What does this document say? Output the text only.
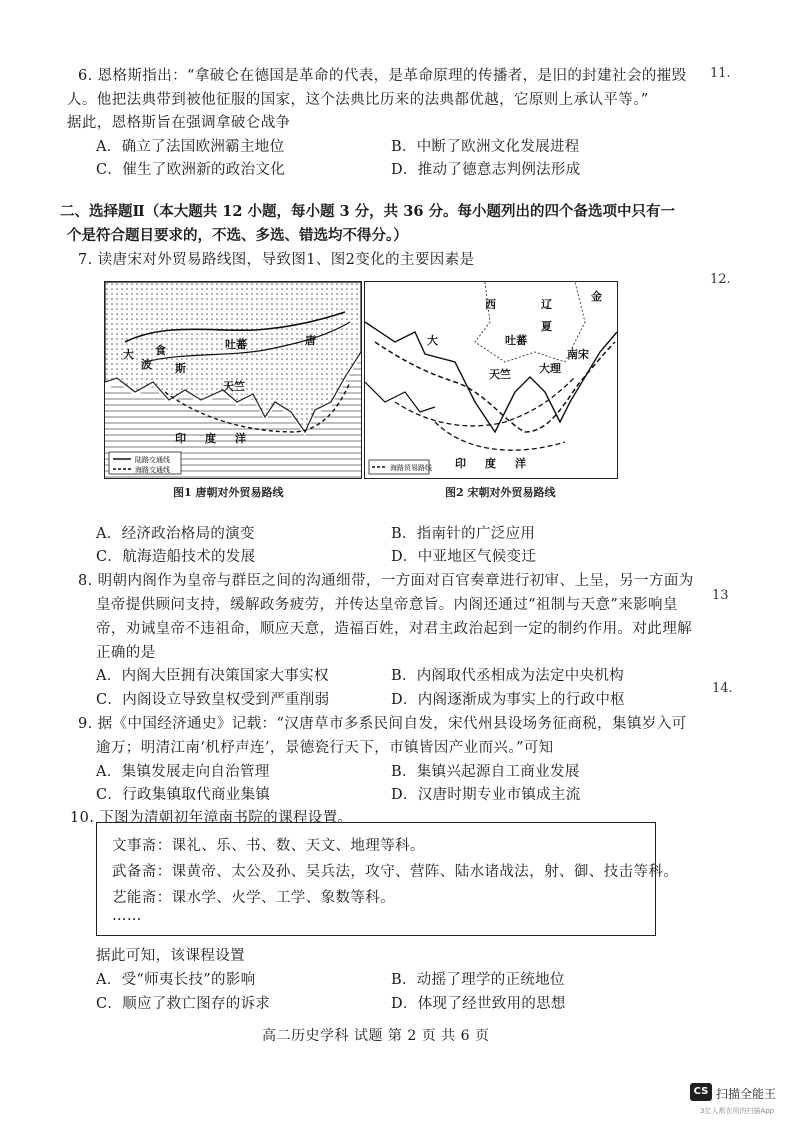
11.
12.
13
14.
6. 恩格斯指出：“拿破仑在德国是革命的代表，是革命原理的传播者，是旧的封建社会的摧毁
人。他把法典带到被他征服的国家，这个法典比历来的法典都优越，它原则上承认平等。”
据此，恩格斯旨在强调拿破仑战争
A．确立了法国欧洲霸主地位	B．中断了欧洲文化发展进程
C．催生了欧洲新的政治文化	D．推动了德意志判例法形成
二、选择题Ⅱ（本大题共 12 小题，每小题 3 分，共 36 分。每小题列出的四个备选项中只有一
个是符合题目要求的，不选、多选、错选均不得分。）
7. 读唐宋对外贸易路线图，导致图1、图2变化的主要因素是
波 斯
大 食	吐蕃
天竺
印 度 洋
唐
陆路交通线
海路交通线
图1 唐朝对外贸易路线
金
西	辽
夏
大	吐蕃
南宋
天竺	大理
印 度 洋
海路贸易路线
图2 宋朝对外贸易路线
A．经济政治格局的演变	B．指南针的广泛应用
C．航海造船技术的发展	D．中亚地区气候变迁
8. 明朝内阁作为皇帝与群臣之间的沟通细带，一方面对百官奏章进行初审、上呈，另一方面为
皇帝提供顾问支持，缓解政务疲劳，并传达皇帝意旨。内阁还通过“祖制与天意”来影响皇
帝，劝诫皇帝不违祖命，顺应天意，造福百姓，对君主政治起到一定的制约作用。对此理解
正确的是
A．内阁大臣拥有决策国家大事实权	B．内阁取代丞相成为法定中央机构
C．内阁设立导致皇权受到严重削弱	D．内阁逐渐成为事实上的行政中枢
9. 据《中国经济通史》记载：“汉唐草市多系民间自发，宋代州县设场务征商税，集镇岁入可
逾万；明清江南‘机杼声连’，景德瓷行天下，市镇皆因产业而兴。”可知
A．集镇发展走向自治管理	B．集镇兴起源自工商业发展
C．行政集镇取代商业集镇	D．汉唐时期专业市镇成主流
10. 下图为清朝初年漳南书院的课程设置。
文事斋：课礼、乐、书、数、天文、地理等科。
武备斋：课黄帝、太公及孙、吴兵法，攻守、营阵、陆水诸战法，射、御、技击等科。
艺能斋：课水学、火学、工学、象数等科。
……
据此可知，该课程设置
A．受“师夷长技”的影响	B．动摇了理学的正统地位
C．顺应了救亡图存的诉求	D．体现了经世致用的思想
高二历史学科 试题 第 2 页 共 6 页
CS 扫描全能王
3亿人都在用的扫描App
